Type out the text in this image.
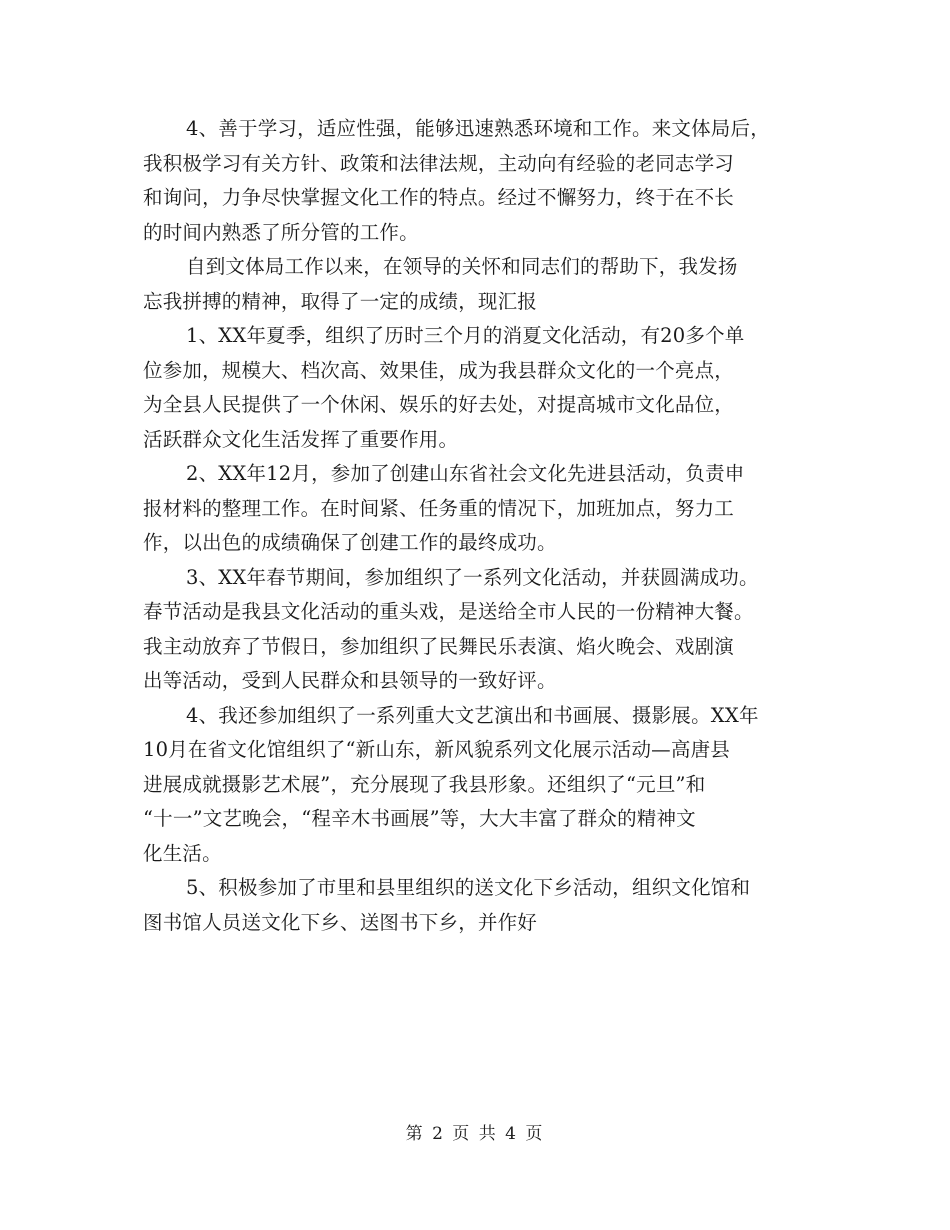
4、善于学习，适应性强，能够迅速熟悉环境和工作。来文体局后，
我积极学习有关方针、政策和法律法规，主动向有经验的老同志学习
和询问，力争尽快掌握文化工作的特点。经过不懈努力，终于在不长
的时间内熟悉了所分管的工作。
自到文体局工作以来，在领导的关怀和同志们的帮助下，我发扬
忘我拼搏的精神，取得了一定的成绩，现汇报
1、XX年夏季，组织了历时三个月的消夏文化活动，有20多个单
位参加，规模大、档次高、效果佳，成为我县群众文化的一个亮点，
为全县人民提供了一个休闲、娱乐的好去处，对提高城市文化品位，
活跃群众文化生活发挥了重要作用。
2、XX年12月，参加了创建山东省社会文化先进县活动，负责申
报材料的整理工作。在时间紧、任务重的情况下，加班加点，努力工
作，以出色的成绩确保了创建工作的最终成功。
3、XX年春节期间，参加组织了一系列文化活动，并获圆满成功。
春节活动是我县文化活动的重头戏，是送给全市人民的一份精神大餐。
我主动放弃了节假日，参加组织了民舞民乐表演、焰火晚会、戏剧演
出等活动，受到人民群众和县领导的一致好评。
4、我还参加组织了一系列重大文艺演出和书画展、摄影展。XX年
10月在省文化馆组织了“新山东，新风貌系列文化展示活动—高唐县
进展成就摄影艺术展”，充分展现了我县形象。还组织了“元旦”和
“十一”文艺晚会，“程辛木书画展”等，大大丰富了群众的精神文
化生活。
5、积极参加了市里和县里组织的送文化下乡活动，组织文化馆和
图书馆人员送文化下乡、送图书下乡，并作好
第 2 页 共 4 页
